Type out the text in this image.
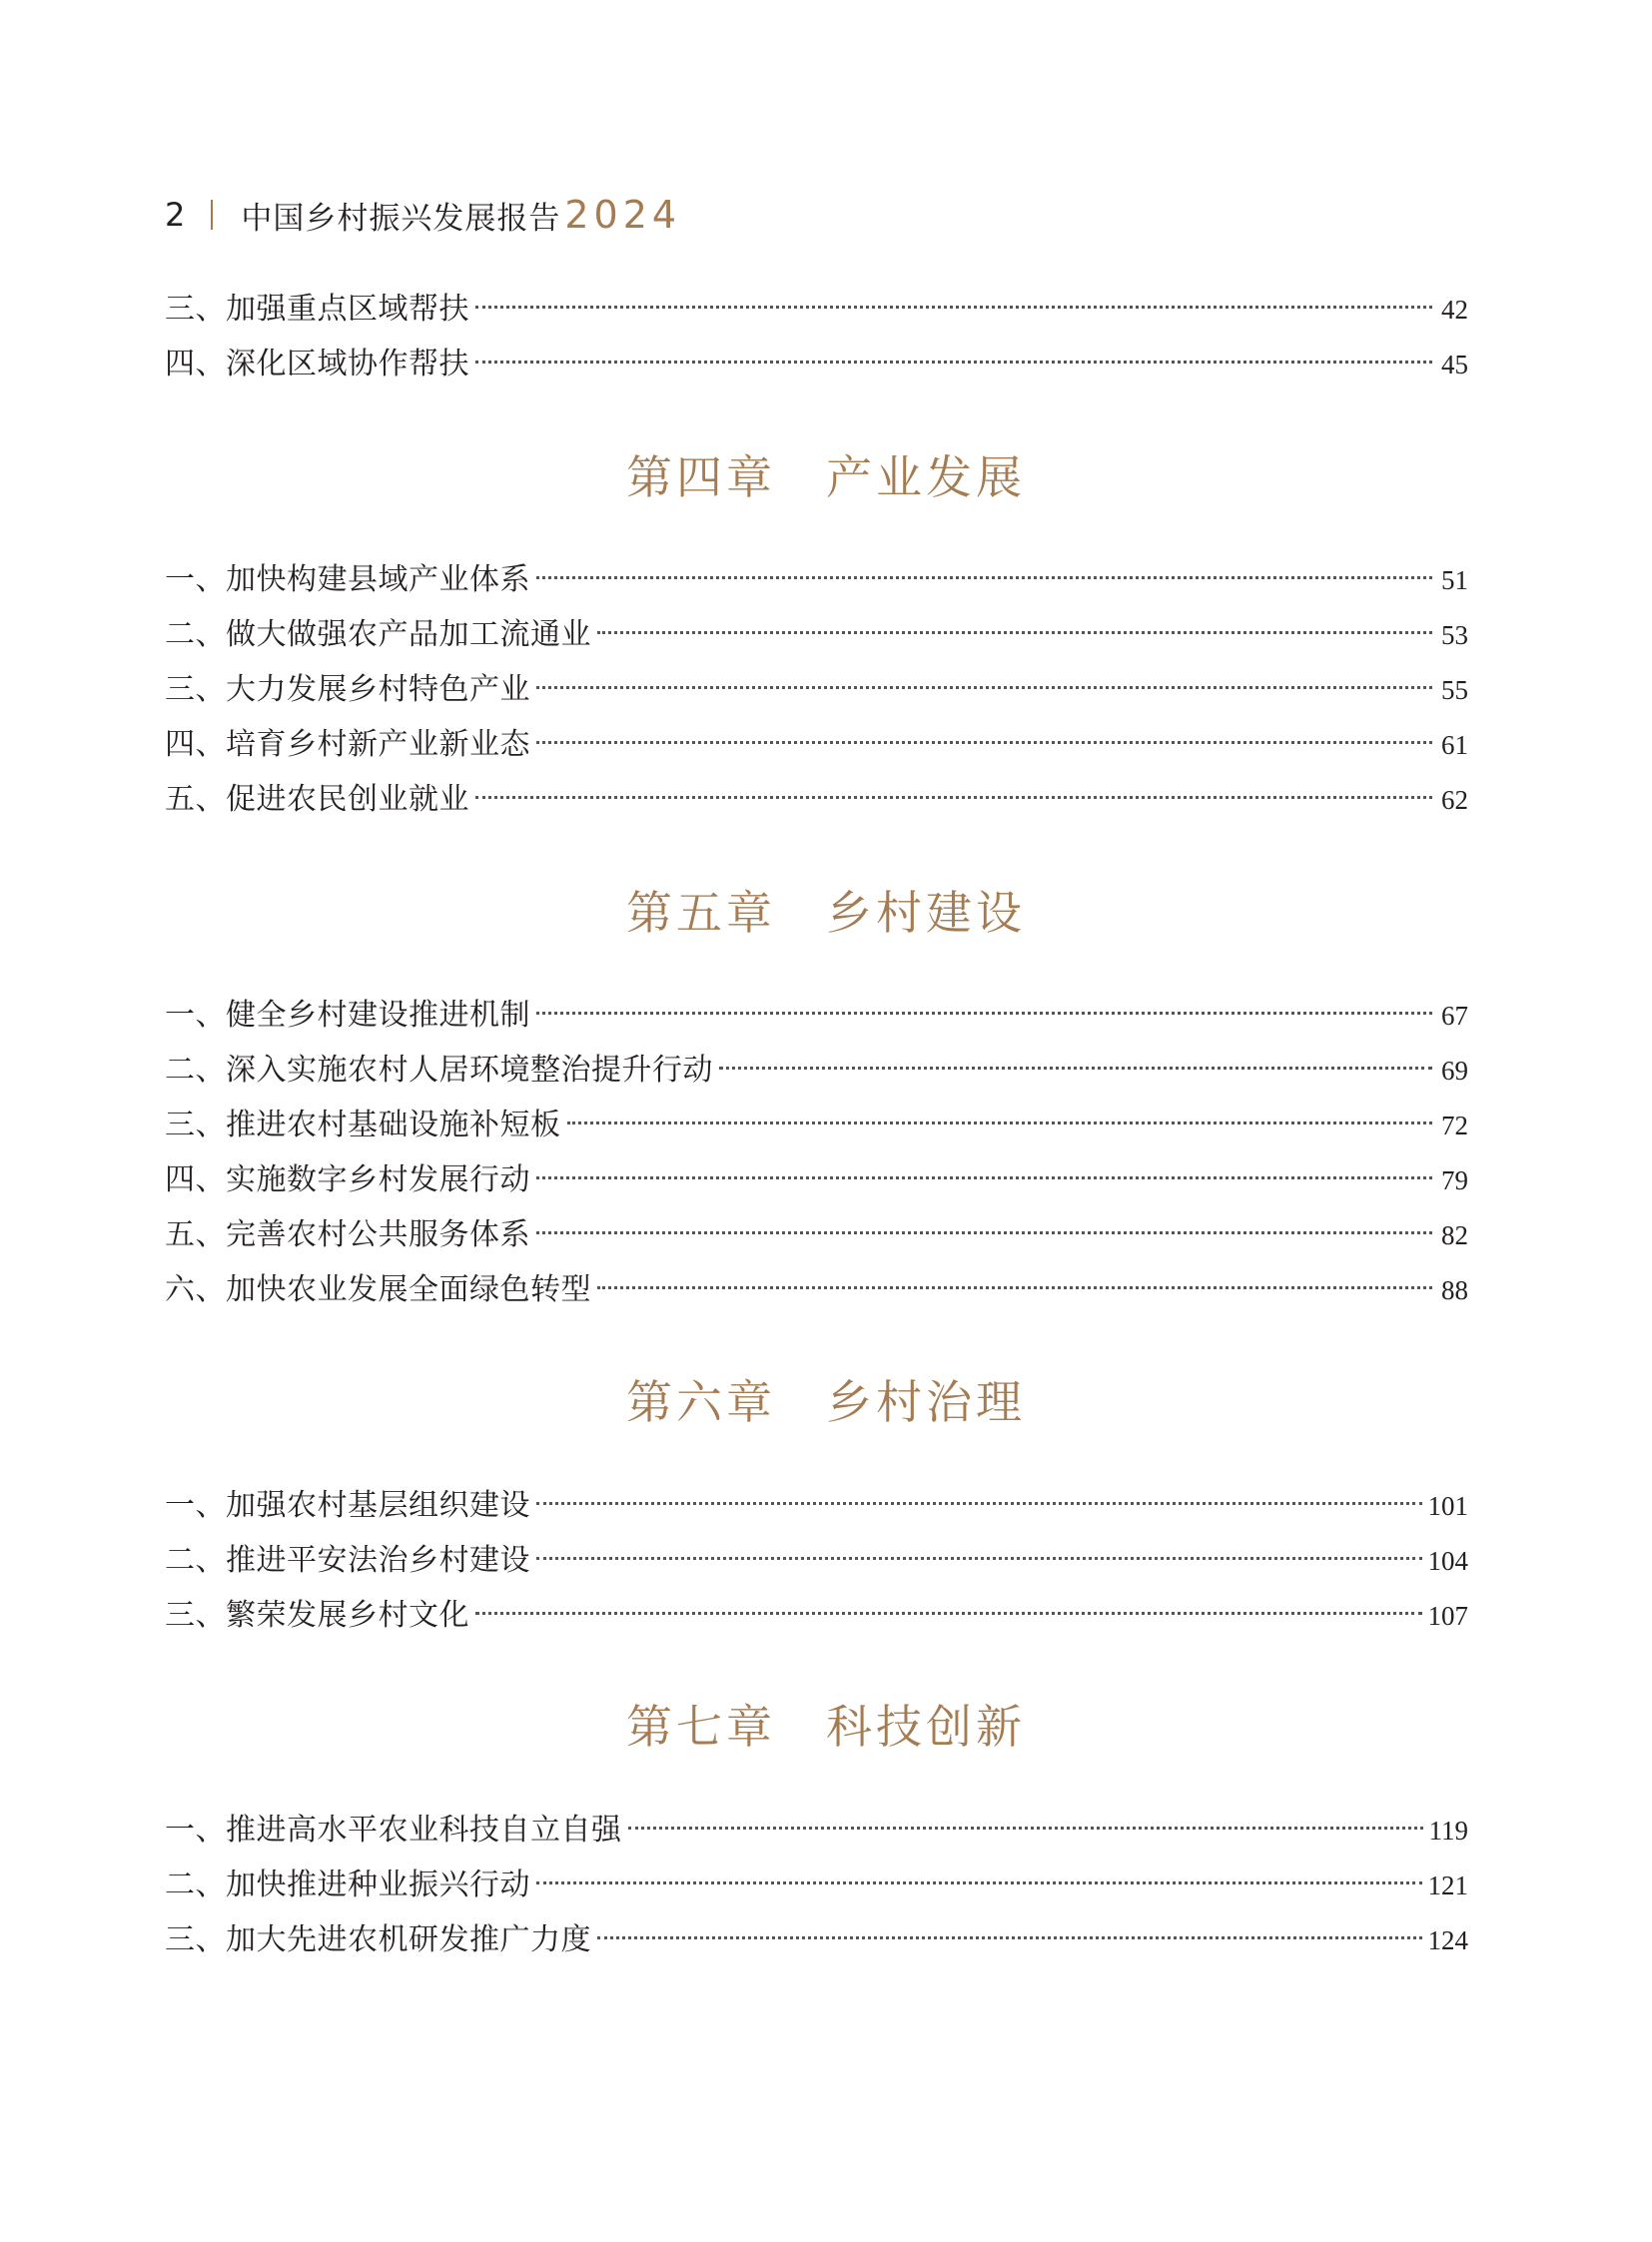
2 中国乡村振兴发展报告 2024
三、加强重点区域帮扶	42
四、深化区域协作帮扶	45
第四章　产业发展
一、加快构建县域产业体系	51
二、做大做强农产品加工流通业	53
三、大力发展乡村特色产业	55
四、培育乡村新产业新业态	61
五、促进农民创业就业	62
第五章　乡村建设
一、健全乡村建设推进机制	67
二、深入实施农村人居环境整治提升行动	69
三、推进农村基础设施补短板	72
四、实施数字乡村发展行动	79
五、完善农村公共服务体系	82
六、加快农业发展全面绿色转型	88
第六章　乡村治理
一、加强农村基层组织建设	101
二、推进平安法治乡村建设	104
三、繁荣发展乡村文化	107
第七章　科技创新
一、推进高水平农业科技自立自强	119
二、加快推进种业振兴行动	121
三、加大先进农机研发推广力度	124
